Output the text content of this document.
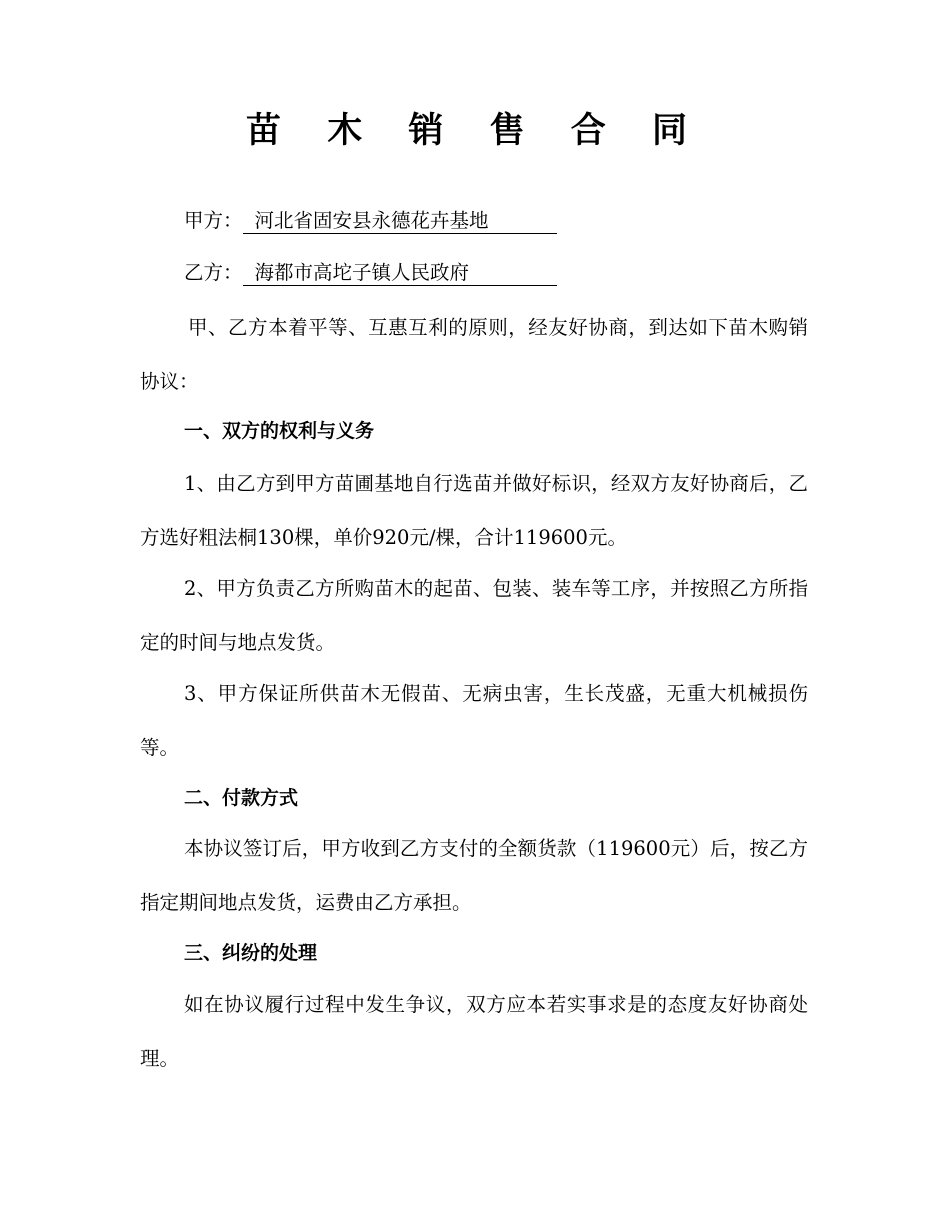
苗 木 销 售 合 同
甲方： 河北省固安县永德花卉基地
乙方： 海都市高坨子镇人民政府
甲、乙方本着平等、互惠互利的原则，经友好协商，到达如下苗木购销协议：
一、双方的权利与义务
1、由乙方到甲方苗圃基地自行选苗并做好标识，经双方友好协商后，乙方选好粗法桐130棵，单价920元/棵，合计119600元。
2、甲方负责乙方所购苗木的起苗、包装、装车等工序，并按照乙方所指定的时间与地点发货。
3、甲方保证所供苗木无假苗、无病虫害，生长茂盛，无重大机械损伤等。
二、付款方式
本协议签订后，甲方收到乙方支付的全额货款（119600元）后，按乙方指定期间地点发货，运费由乙方承担。
三、纠纷的处理
如在协议履行过程中发生争议，双方应本若实事求是的态度友好协商处理。
